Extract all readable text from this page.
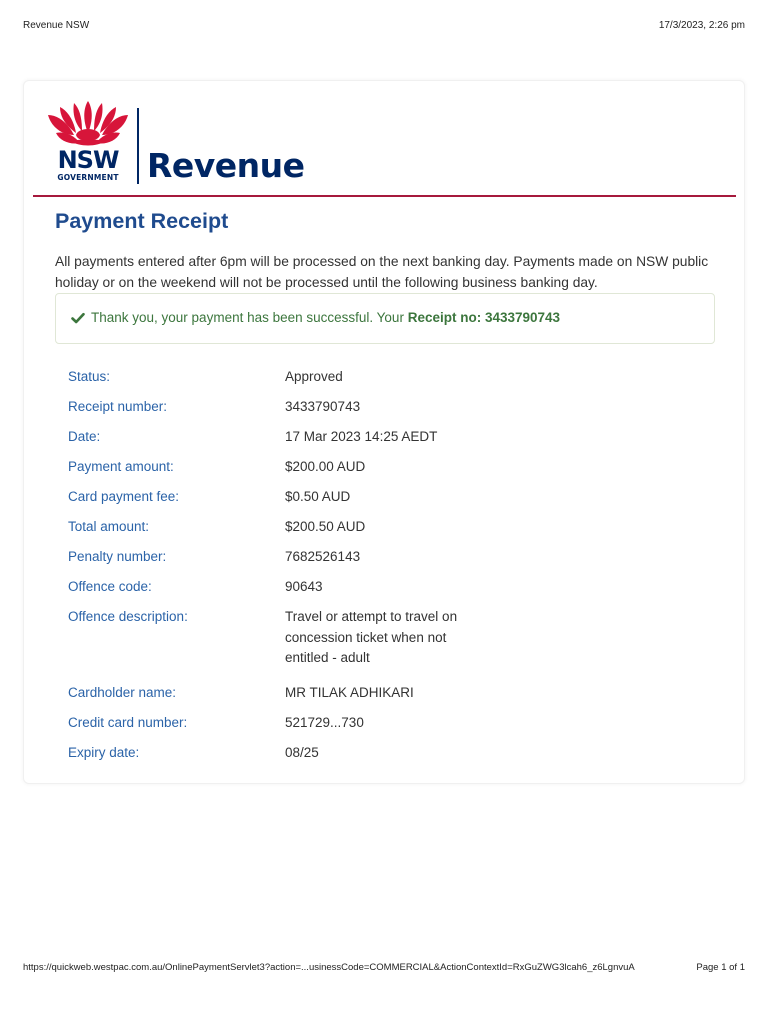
Revenue NSW	17/3/2023, 2:26 pm
NSW
GOVERNMENT Revenue
Payment Receipt

All payments entered after 6pm will be processed on the next banking day. Payments made on NSW public holiday or on the weekend will not be processed until the following business banking day.

Thank you, your payment has been successful. Your Receipt no: 3433790743
Status:	Approved
Receipt number:	3433790743
Date:	17 Mar 2023 14:25 AEDT
Payment amount:	$200.00 AUD
Card payment fee:	$0.50 AUD
Total amount:	$200.50 AUD
Penalty number:	7682526143
Offence code:	90643
Offence description:	Travel or attempt to travel on concession ticket when not entitled - adult
Cardholder name:	MR TILAK ADHIKARI
Credit card number:	521729...730
Expiry date:	08/25
https://quickweb.westpac.com.au/OnlinePaymentServlet3?action=...usinessCode=COMMERCIAL&ActionContextId=RxGuZWG3lcah6_z6LgnvuA	Page 1 of 1
